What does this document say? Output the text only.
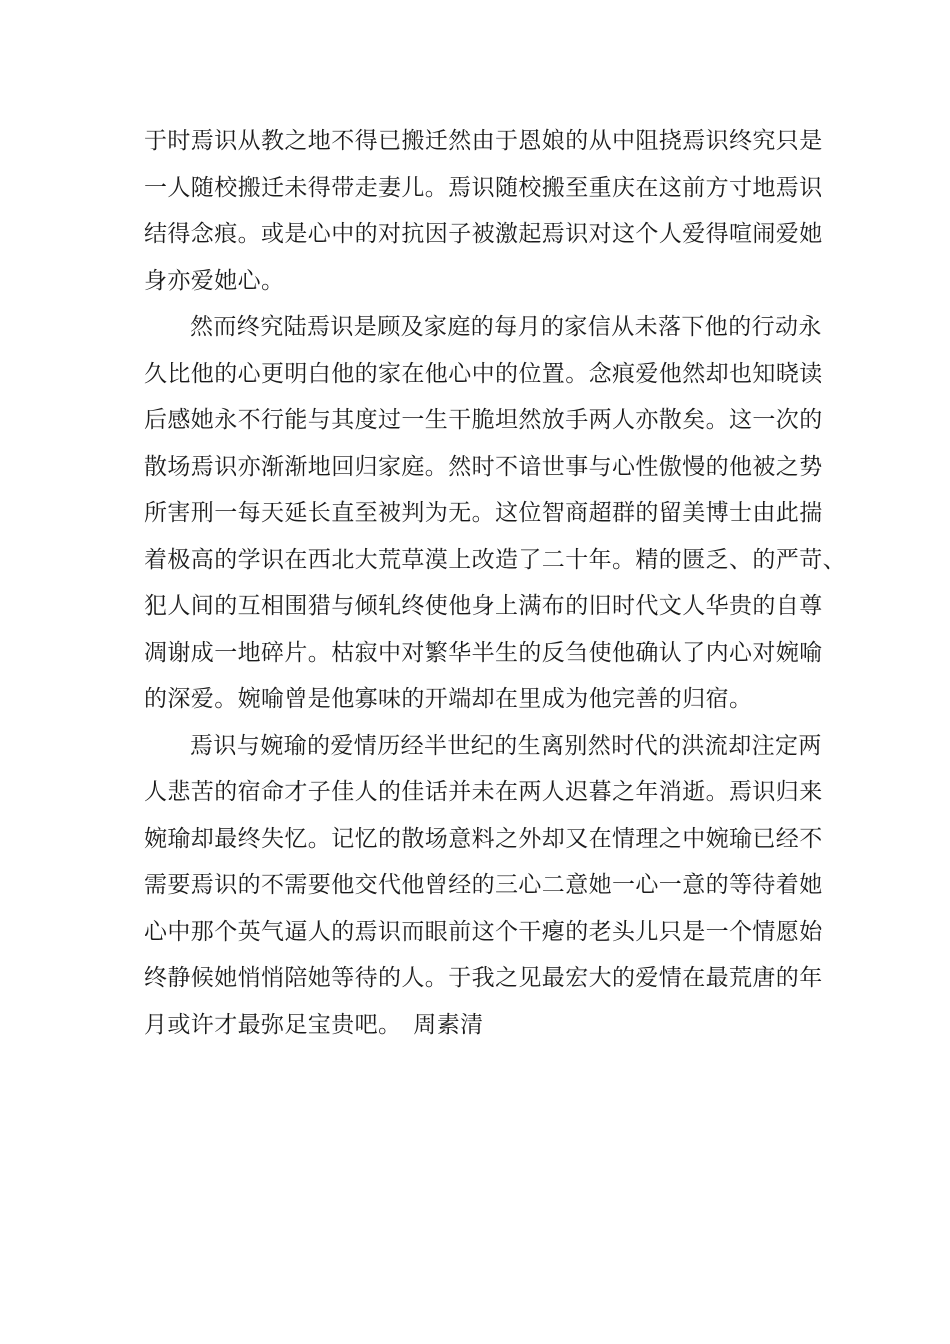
于时焉识从教之地不得已搬迁然由于恩娘的从中阻挠焉识终究只是
一人随校搬迁未得带走妻儿。焉识随校搬至重庆在这前方寸地焉识
结得念痕。或是心中的对抗因子被激起焉识对这个人爱得喧闹爱她
身亦爱她心。
然而终究陆焉识是顾及家庭的每月的家信从未落下他的行动永
久比他的心更明白他的家在他心中的位置。念痕爱他然却也知晓读
后感她永不行能与其度过一生干脆坦然放手两人亦散矣。这一次的
散场焉识亦渐渐地回归家庭。然时不谙世事与心性傲慢的他被之势
所害刑一每天延长直至被判为无。这位智商超群的留美博士由此揣
着极高的学识在西北大荒草漠上改造了二十年。精的匮乏、的严苛、
犯人间的互相围猎与倾轧终使他身上满布的旧时代文人华贵的自尊
凋谢成一地碎片。枯寂中对繁华半生的反刍使他确认了内心对婉喻
的深爱。婉喻曾是他寡味的开端却在里成为他完善的归宿。
焉识与婉瑜的爱情历经半世纪的生离别然时代的洪流却注定两
人悲苦的宿命才子佳人的佳话并未在两人迟暮之年消逝。焉识归来
婉瑜却最终失忆。记忆的散场意料之外却又在情理之中婉瑜已经不
需要焉识的不需要他交代他曾经的三心二意她一心一意的等待着她
心中那个英气逼人的焉识而眼前这个干瘪的老头儿只是一个情愿始
终静候她悄悄陪她等待的人。于我之见最宏大的爱情在最荒唐的年
月或许才最弥足宝贵吧。　周素清
